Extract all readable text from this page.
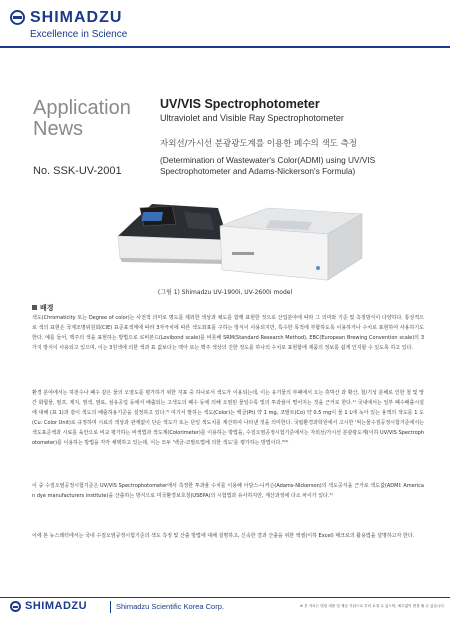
SHIMADZU
Excellence in Science
Application
News
No. SSK-UV-2001
UV/VIS Spectrophotometer
Ultraviolet and Visible Ray Spectrophotometer
자외선/가시선 분광광도계를 이용한 폐수의 색도 측정
(Determination of Wastewater's Color(ADMI) using UV/VIS Spectrophotometer and Adams-Nickerson's Formula)
(그림 1) Shimadzu UV-1900i, UV-2600i model
배경
색도(Chromaticity 또는 Degree of color)는 사전적 의미로 명도를 제외한 색상과 채도를 함께 표현한 것으로 산업분야에 따라 그 의미와 기준 및 측정방식이 다양하다. 통상적으로 색의 표현은 국제조명위원회(CIE) 표준표색계에 따라 3자극치에 따른 색도좌표를 구하는 방식이 사용되지만, 특수한 목적에 부합하도록 이용하거나 수치로 표현하여 사용하기도 한다. 예를 들어, 맥주의 색을 표현하는 방법으로 로비본드(Lovibond scale)를 비롯해 SRM(Standard Research Method), EBC(European Brewing Convention scale)의 3가지 방식이 사용되고 있으며, 이는 3원색에 의한 색과 표 값보다는 맥아 또는 맥주 색상의 진한 정도를 하나의 수치로 표현함에 제품의 정보를 쉽게 인지할 수 있도록 하고 있다.
환경 분야에서는 하천수나 폐수 같은 물의 오염도를 평가하기 위한 지표 중 하나로서 색도가 이용되는데, 이는 유기물의 부패에서 오는 휴믹산 과 황산, 철/기성 분해로 인한 철 및 망간 화합물, 펄프, 제지, 염색, 염료, 섬유공업 등에서 배출되는 고색도의 폐수 등에 의해 오염된 물일수록 빛의 투과율이 떨어지는 것을 근거로 한다.¹⁾ 국내에서는 일부 폐수배출시설에 대해 (표 1)과 같이 색도의 배출허용기준을 설정하고 있다.²⁾ 여기서 말하는 색도(Color)는 백금(Pt) 약 1 mg, 코발트(Co) 약 0.5 mg이 물 1 L에 녹아 있는 용액의 색도를 1 도(Cu: Color Unit)로 규정하며 시료의 색상과 관계없이 단순 색도가 또는 단일 색도치를 계산하여 나타낸 것을 의미한다. 국립환경과학원에서 고시한 '먹는물수질공정시험기준에서는 색도표준액과 시료를 육안으로 비교 평가하는 비색법과 색도계(Colorimeter)를 이용하는 방법을, 수질오염공정시험기준에서는 자외선/가시선 분광광도계(이하 UV/VIS Spectrophotometer)를 이용하는 방법을 각각 채택하고 있는데, 이는 모두 '백금-코발트법에 의한 색도'를 평가하는 방법이다.³⁾⁴⁾
이 중 수질오염공정시험기준은 UV/VIS Spectrophotometer에서 측정한 투과율 수치를 이용해 아담스-니커슨(Adams-Nickerson)의 색도공식을 근거로 색도값(ADMI: American dye manufacturers institute)을 산출하는 방식으로 미국환경보호청(USEPA)의 시험법과 유사하지만, 계산과정에 다소 차이가 있다.⁵⁾
이에 본 뉴스레터에서는 국내 수질오염공정시험기준의 색도 측정 및 산출 방법에 대해 설명하고, 신속한 결과 산출을 위한 엑셀(이하 Excel) 매크로의 활용법을 설명하고자 한다.
SHIMADZU	Shimadzu Scientific Korea Corp.	※ 본 자료는 법령 내용 및 제공 기관으로 부터 요청 수 있으며, 예고없이 변경 될 수 있습니다.
